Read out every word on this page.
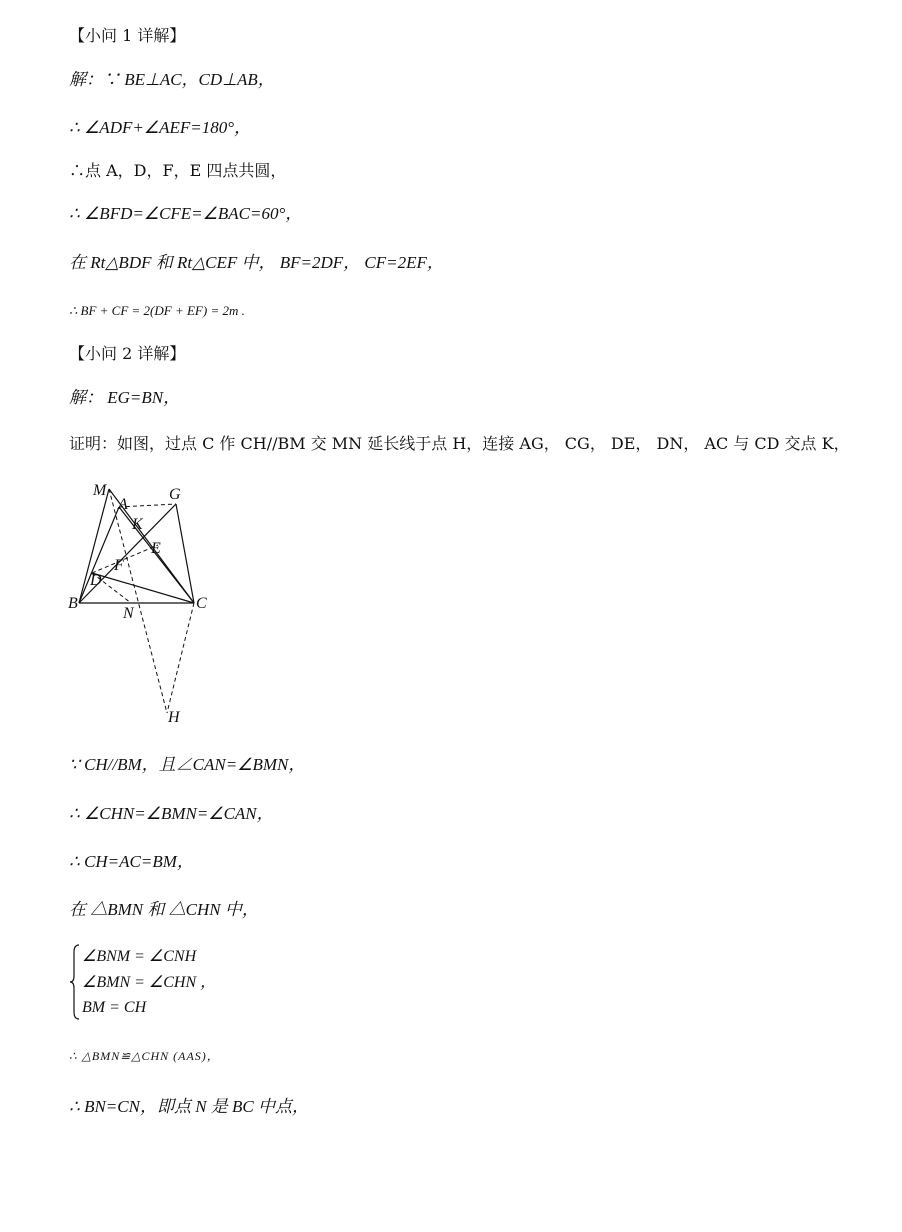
【小问 1 详解】
解：∵ BE⊥AC，CD⊥AB，
∴ ∠ADF+∠AEF=180°，
∴点 A，D，F，E 四点共圆，
∴ ∠BFD=∠CFE=∠BAC=60°，
在 Rt△BDF 和 Rt△CEF 中， BF=2DF， CF=2EF，
∴ BF + CF = 2(DF + EF) = 2m .
【小问 2 详解】
解： EG=BN，
证明：如图，过点 C 作 CH//BM 交 MN 延长线于点 H，连接 AG， CG， DE， DN， AC 与 CD 交点 K，
M
A
G
K
E
F
D
B
N
C
H
∵ CH//BM，且∠CAN=∠BMN，
∴ ∠CHN=∠BMN=∠CAN，
∴ CH=AC=BM，
在 △BMN 和 △CHN 中，
∠BNM = ∠CNH
∠BMN = ∠CHN ，
BM = CH
∴ △BMN≌△CHN (AAS)，
∴ BN=CN，即点 N 是 BC 中点，
